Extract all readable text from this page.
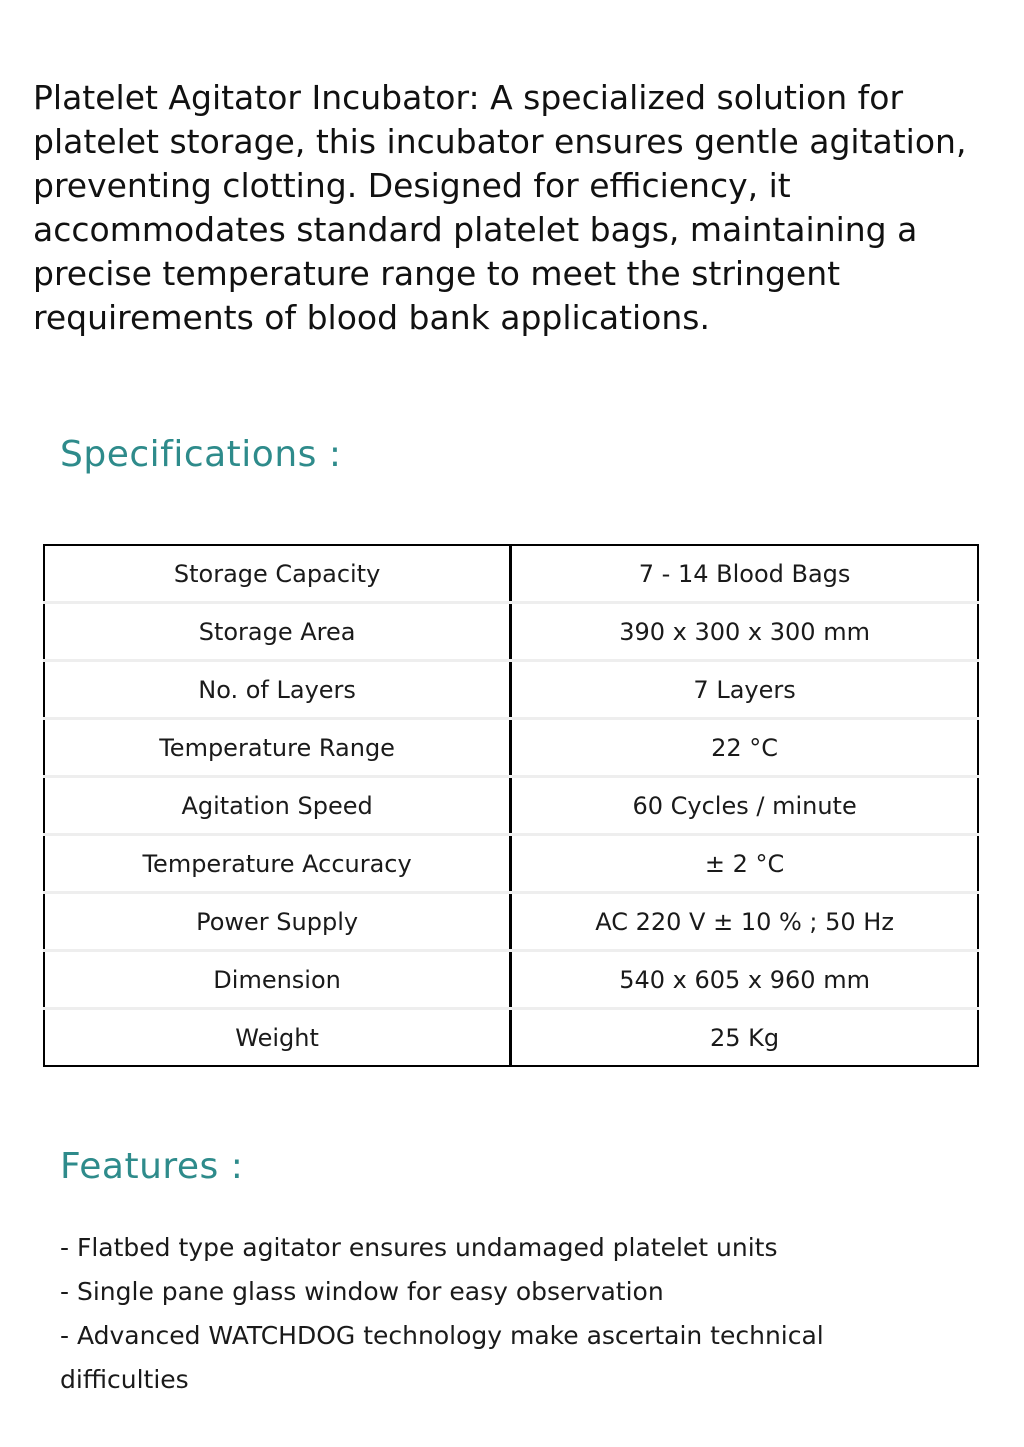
Platelet Agitator Incubator: A specialized solution for platelet storage, this incubator ensures gentle agitation, preventing clotting. Designed for efficiency, it accommodates standard platelet bags, maintaining a precise temperature range to meet the stringent requirements of blood bank applications.

Specifications :
Storage Capacity	7 - 14 Blood Bags
Storage Area	390 x 300 x 300 mm
No. of Layers	7 Layers
Temperature Range	22 °C
Agitation Speed	60 Cycles / minute
Temperature Accuracy	± 2 °C
Power Supply	AC 220 V ± 10 % ; 50 Hz
Dimension	540 x 605 x 960 mm
Weight	25 Kg
Features :
- Flatbed type agitator ensures undamaged platelet units
- Single pane glass window for easy observation
- Advanced WATCHDOG technology make ascertain technical difficulties
